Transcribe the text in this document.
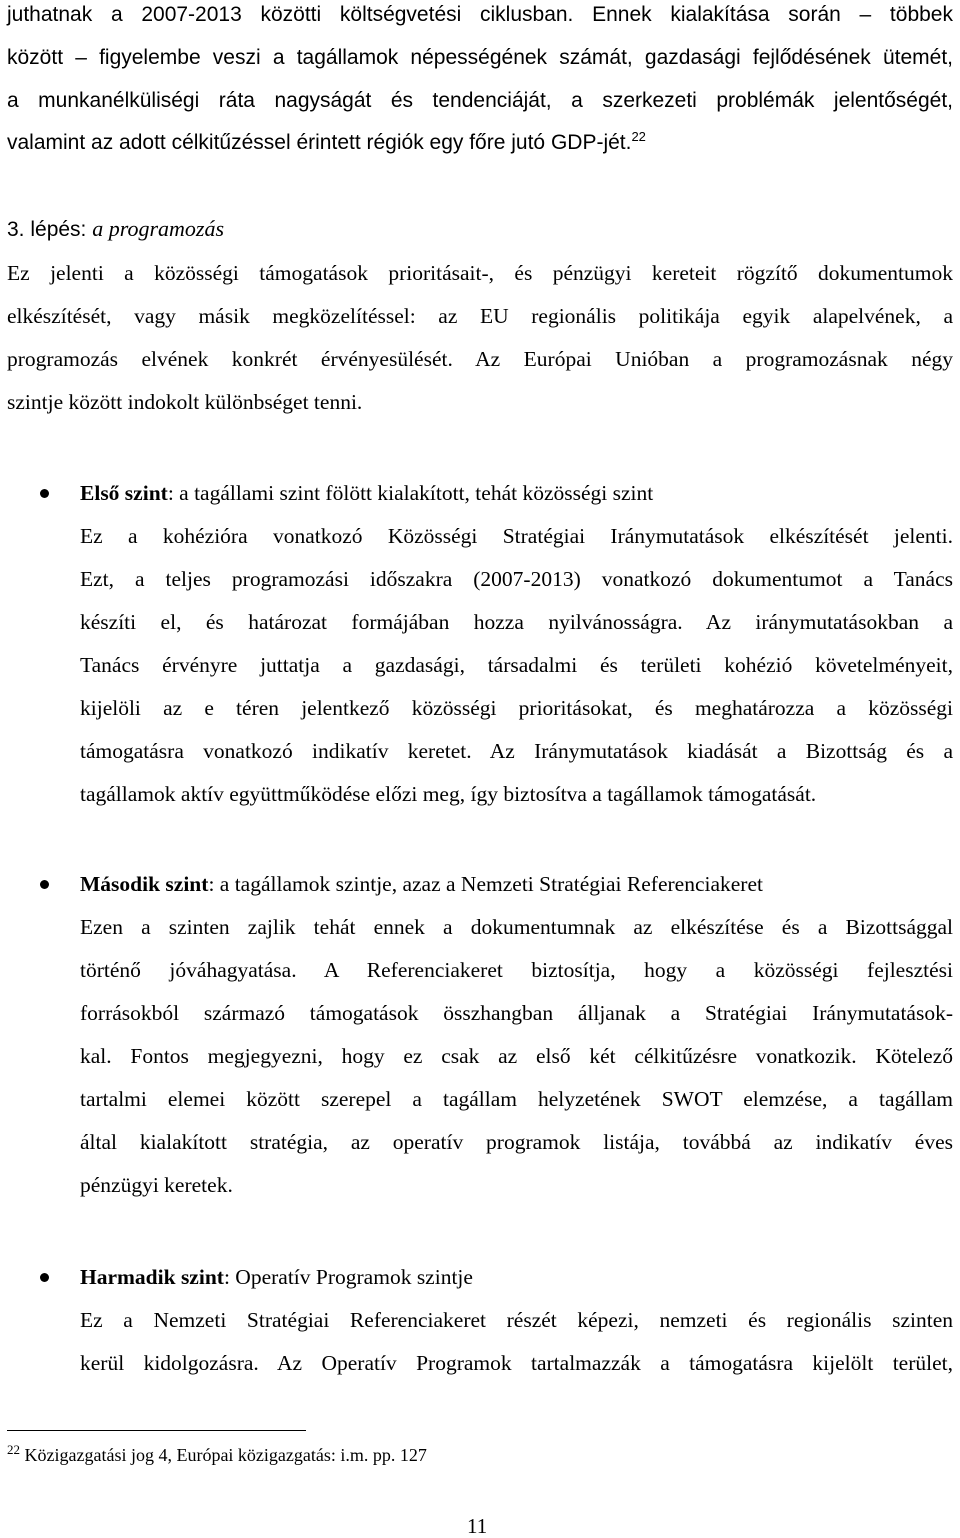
juthatnak a 2007-2013 közötti költségvetési ciklusban. Ennek kialakítása során – többek
között – figyelembe veszi a tagállamok népességének számát, gazdasági fejlődésének ütemét,
a munkanélküliségi ráta nagyságát és tendenciáját, a szerkezeti problémák jelentőségét,
valamint az adott célkitűzéssel érintett régiók egy főre jutó GDP-jét.$^{22}$
3. lépés: a programozás
Ez jelenti a közösségi támogatások prioritásait-, és pénzügyi kereteit rögzítő dokumentumok
elkészítését, vagy másik megközelítéssel: az EU regionális politikája egyik alapelvének, a
programozás elvének konkrét érvényesülését. Az Európai Unióban a programozásnak négy
szintje között indokolt különbséget tenni.
Első szint: a tagállami szint fölött kialakított, tehát közösségi szint
Ez a kohézióra vonatkozó Közösségi Stratégiai Iránymutatások elkészítését jelenti.
Ezt, a teljes programozási időszakra (2007-2013) vonatkozó dokumentumot a Tanács
készíti el, és határozat formájában hozza nyilvánosságra. Az iránymutatásokban a
Tanács érvényre juttatja a gazdasági, társadalmi és területi kohézió követelményeit,
kijelöli az e téren jelentkező közösségi prioritásokat, és meghatározza a közösségi
támogatásra vonatkozó indikatív keretet. Az Iránymutatások kiadását a Bizottság és a
tagállamok aktív együttműködése előzi meg, így biztosítva a tagállamok támogatását.
Második szint: a tagállamok szintje, azaz a Nemzeti Stratégiai Referenciakeret
Ezen a szinten zajlik tehát ennek a dokumentumnak az elkészítése és a Bizottsággal
történő jóváhagyatása. A Referenciakeret biztosítja, hogy a közösségi fejlesztési
forrásokból származó támogatások összhangban álljanak a Stratégiai Iránymutatások-
kal. Fontos megjegyezni, hogy ez csak az első két célkitűzésre vonatkozik. Kötelező
tartalmi elemei között szerepel a tagállam helyzetének SWOT elemzése, a tagállam
által kialakított stratégia, az operatív programok listája, továbbá az indikatív éves
pénzügyi keretek.
Harmadik szint: Operatív Programok szintje
Ez a Nemzeti Stratégiai Referenciakeret részét képezi, nemzeti és regionális szinten
kerül kidolgozásra. Az Operatív Programok tartalmazzák a támogatásra kijelölt terület,
$^{22}$ Közigazgatási jog 4, Európai közigazgatás: i.m. pp. 127
11
